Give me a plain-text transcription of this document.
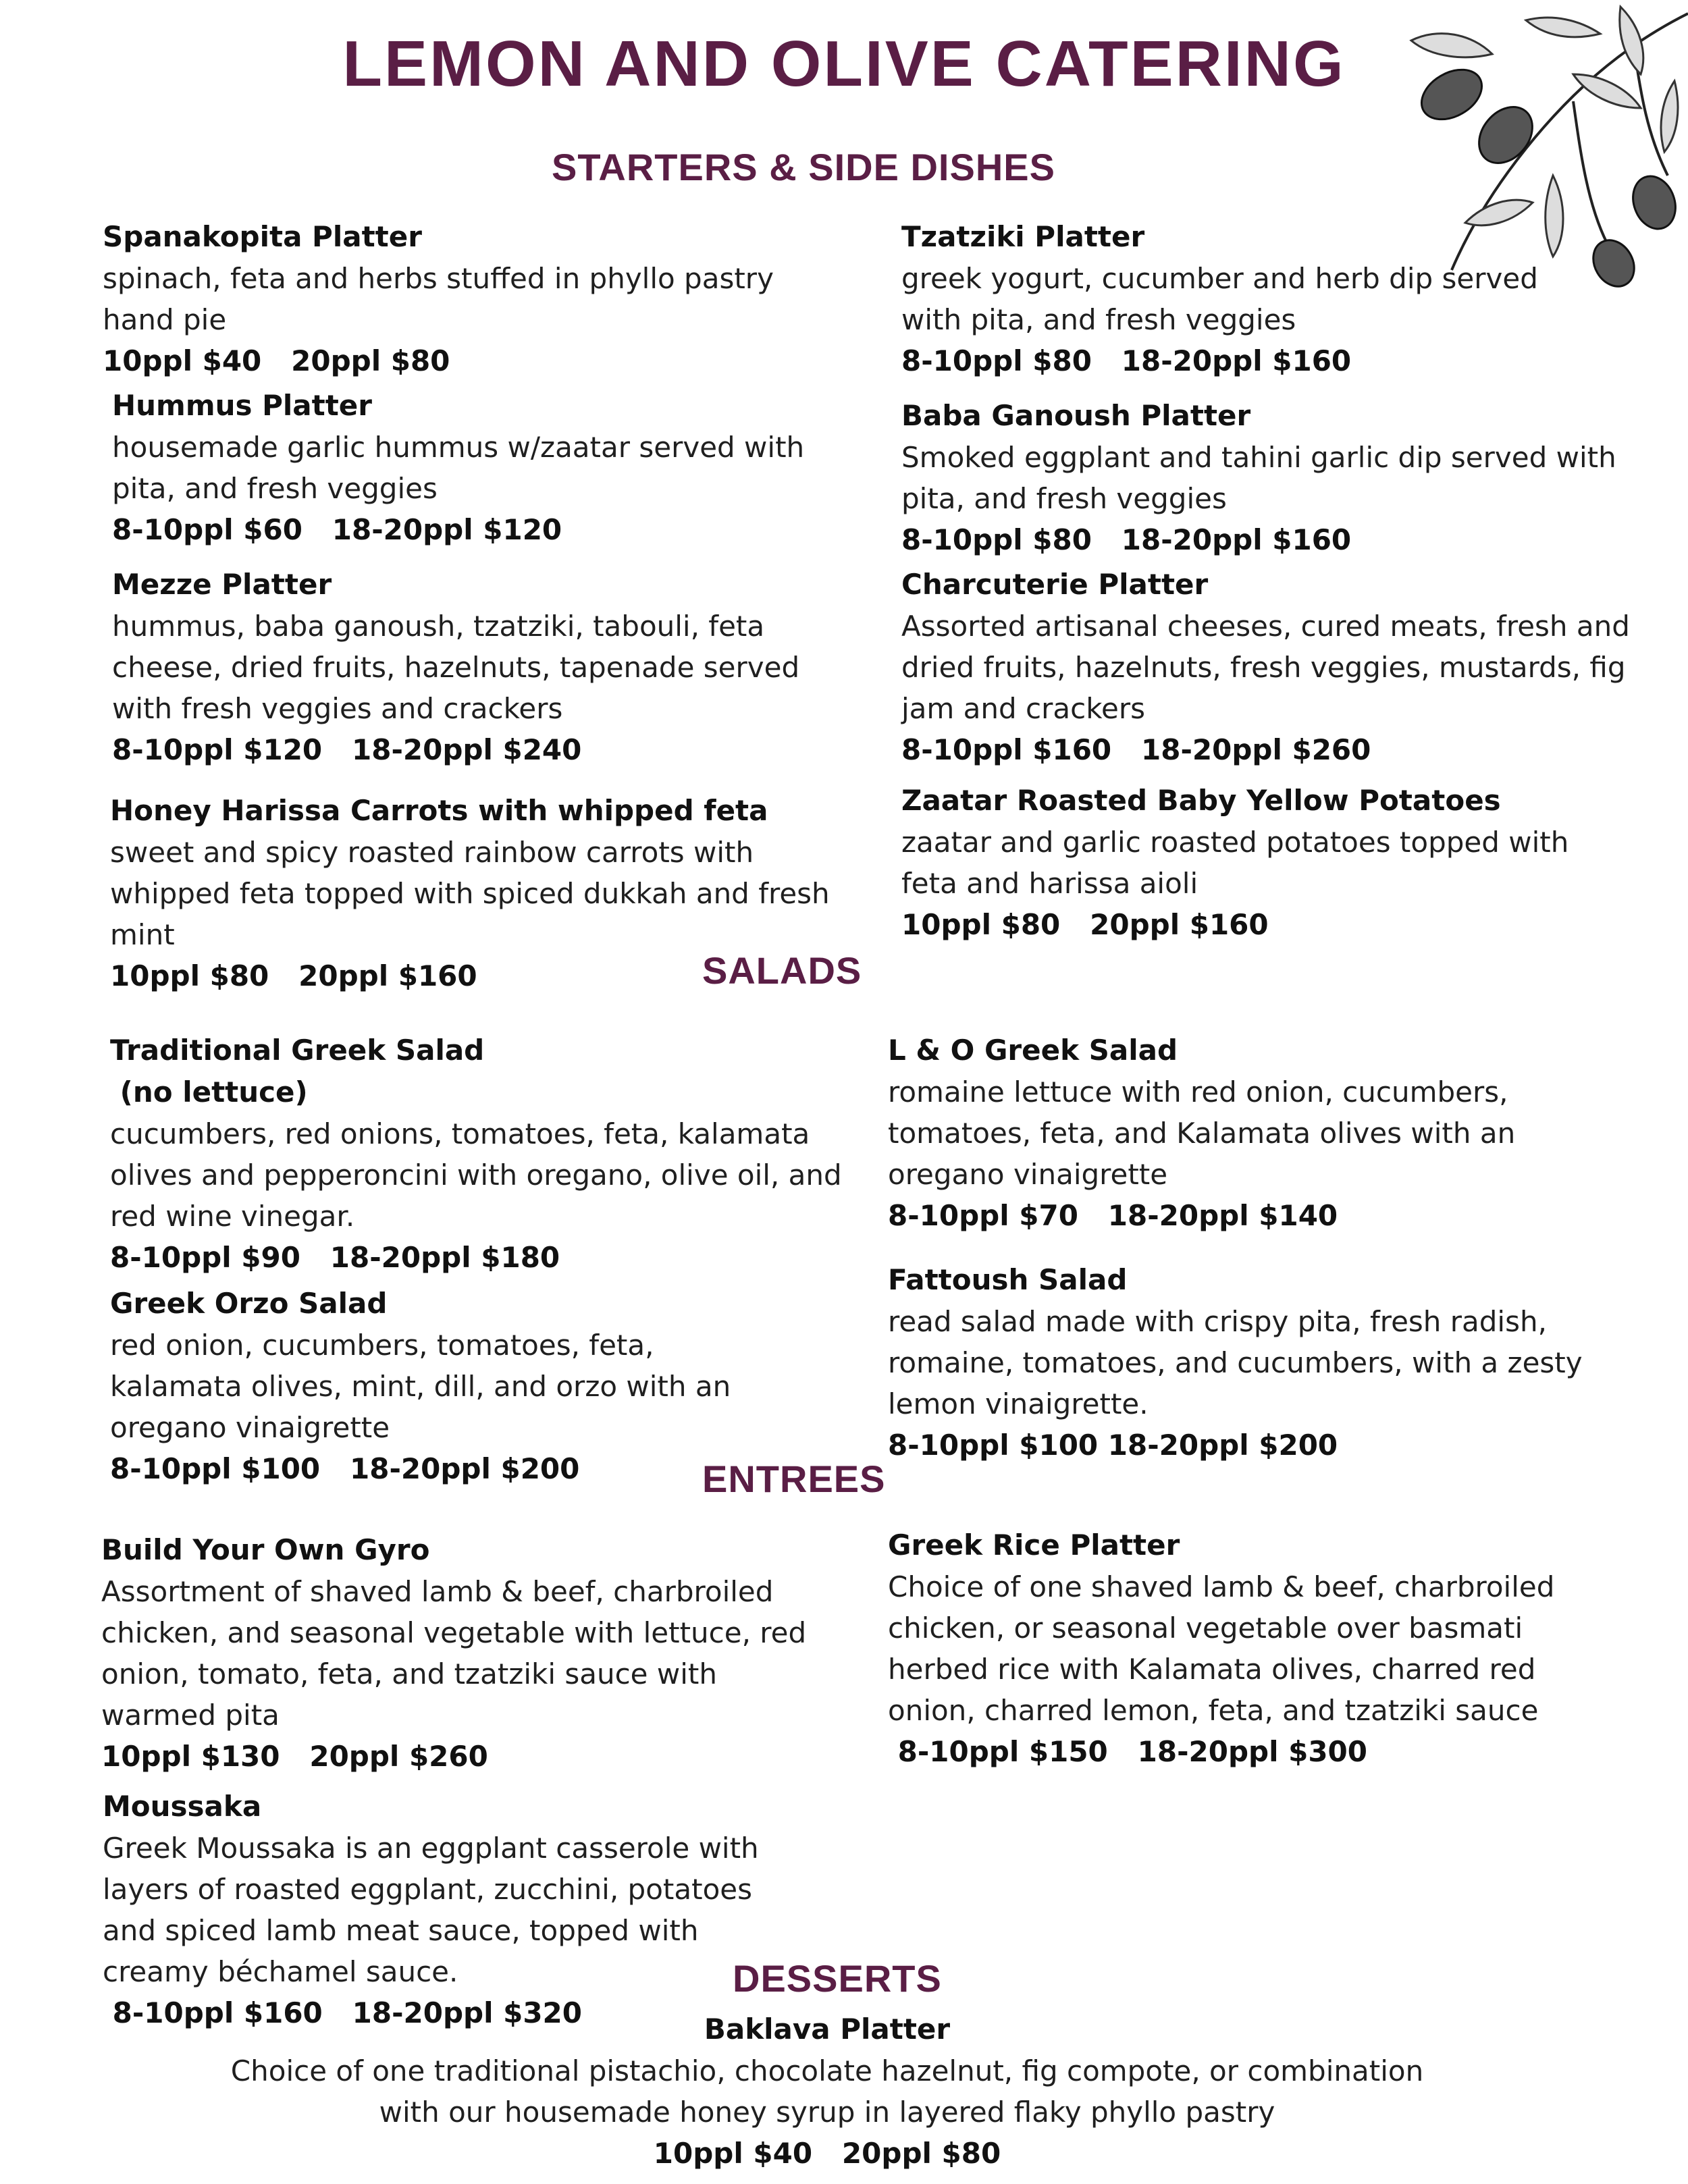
LEMON AND OLIVE CATERING
STARTERS & SIDE DISHES
Spanakopita Platter
spinach, feta and herbs stuffed in phyllo pastry hand pie
10ppl $40   20ppl $80
Hummus Platter
housemade garlic hummus w/zaatar served with pita, and fresh veggies
8-10ppl $60   18-20ppl $120
Mezze Platter
hummus, baba ganoush, tzatziki, tabouli, feta cheese, dried fruits, hazelnuts, tapenade served with fresh veggies and crackers
8-10ppl $120   18-20ppl $240
Honey Harissa Carrots with whipped feta
sweet and spicy roasted rainbow carrots with whipped feta topped with spiced dukkah and fresh mint
10ppl $80   20ppl $160
Tzatziki Platter
greek yogurt, cucumber and herb dip served with pita, and fresh veggies
8-10ppl $80   18-20ppl $160
Baba Ganoush Platter
Smoked eggplant and tahini garlic dip served with pita, and fresh veggies
8-10ppl $80   18-20ppl $160
Charcuterie Platter
Assorted artisanal cheeses, cured meats, fresh and dried fruits, hazelnuts, fresh veggies, mustards, fig jam and crackers
8-10ppl $160   18-20ppl $260
Zaatar Roasted Baby Yellow Potatoes
zaatar and garlic roasted potatoes topped with feta and harissa aioli
10ppl $80   20ppl $160
SALADS
Traditional Greek Salad
(no lettuce)
cucumbers, red onions, tomatoes, feta, kalamata olives and pepperoncini with oregano, olive oil, and red wine vinegar.
8-10ppl $90   18-20ppl $180
Greek Orzo Salad
red onion, cucumbers, tomatoes, feta, kalamata olives, mint, dill, and orzo with an oregano vinaigrette
8-10ppl $100   18-20ppl $200
L & O Greek Salad
romaine lettuce with red onion, cucumbers, tomatoes, feta, and Kalamata olives with an oregano vinaigrette
8-10ppl $70   18-20ppl $140
Fattoush Salad
read salad made with crispy pita, fresh radish, romaine, tomatoes, and cucumbers, with a zesty lemon vinaigrette.
8-10ppl $100 18-20ppl $200
ENTREES
Build Your Own Gyro
Assortment of shaved lamb & beef, charbroiled chicken, and seasonal vegetable with lettuce, red onion, tomato, feta, and tzatziki sauce with warmed pita
10ppl $130   20ppl $260
Moussaka
Greek Moussaka is an eggplant casserole with layers of roasted eggplant, zucchini, potatoes and spiced lamb meat sauce, topped with creamy béchamel sauce.
8-10ppl $160   18-20ppl $320
Greek Rice Platter
Choice of one shaved lamb & beef, charbroiled chicken, or seasonal vegetable over basmati herbed rice with Kalamata olives, charred red onion, charred lemon, feta, and tzatziki sauce
8-10ppl $150   18-20ppl $300
DESSERTS
Baklava Platter
Choice of one traditional pistachio, chocolate hazelnut, fig compote, or combination with our housemade honey syrup in layered flaky phyllo pastry
10ppl $40   20ppl $80
